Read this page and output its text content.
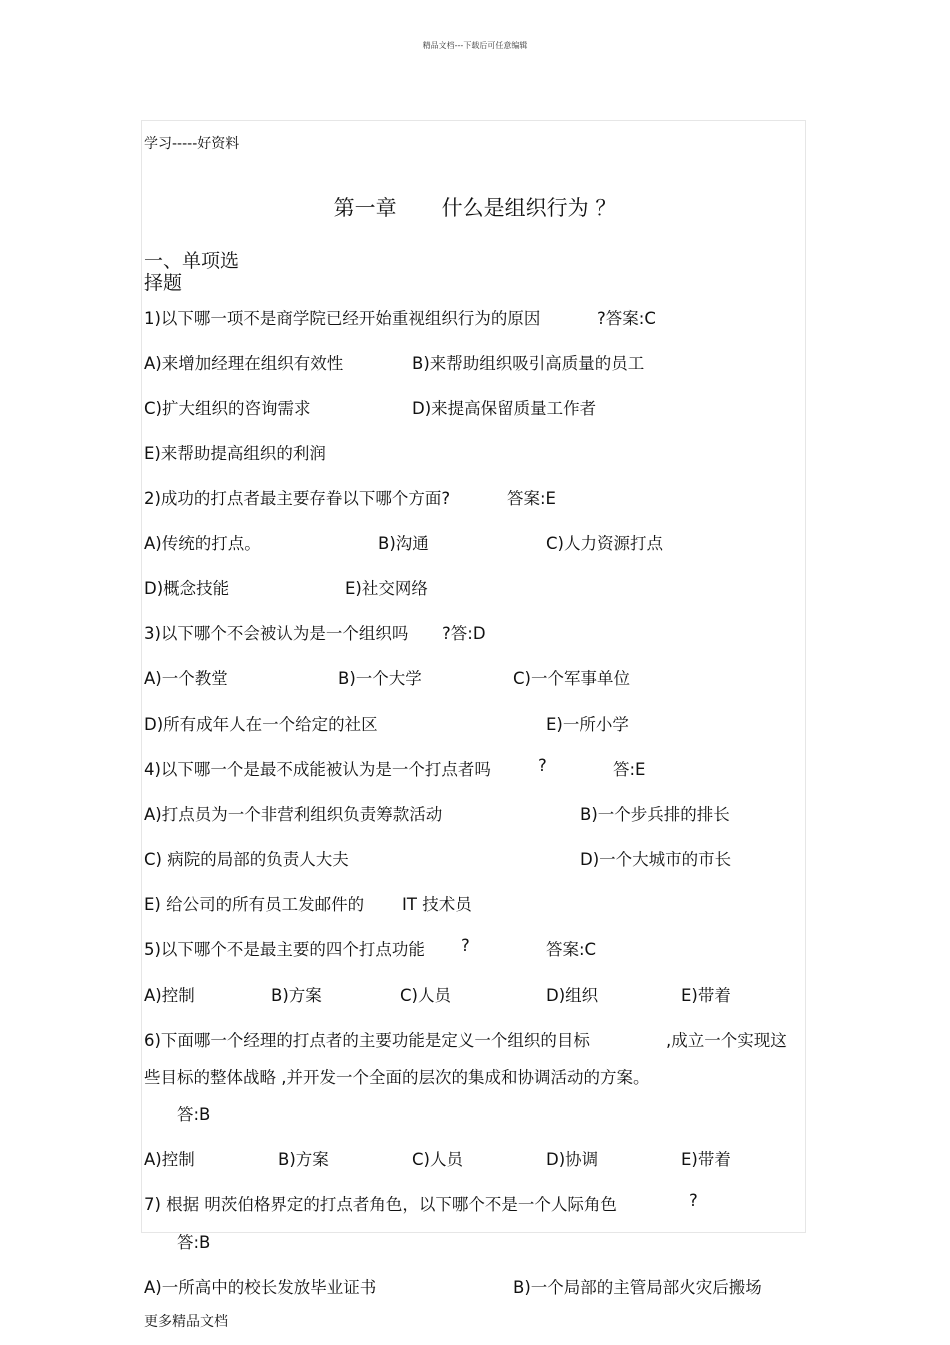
精品文档---下载后可任意编辑
学习-----好资料
第一章 什么是组织行为 ？
一、单项选
择题
1)以下哪一项不是商学院已经开始重视组织行为的原因	?答案:C
A)来增加经理在组织有效性	B)来帮助组织吸引高质量的员工
C)扩大组织的咨询需求	D)来提高保留质量工作者
E)来帮助提高组织的利润
2)成功的打点者最主要存眷以下哪个方面?	答案:E
A)传统的打点。	B)沟通	C)人力资源打点
D)概念技能	E)社交网络
3)以下哪个不会被认为是一个组织吗 ?答:D
A)一个教堂	B)一个大学	C)一个军事单位
D)所有成年人在一个给定的社区	E)一所小学
4)以下哪一个是最不成能被认为是一个打点者吗	?	答:E
A)打点员为一个非营利组织负责筹款活动	B)一个步兵排的排长
C) 病院的局部的负责人大夫	D)一个大城市的市长
E) 给公司的所有员工发邮件的 IT 技术员
5)以下哪个不是最主要的四个打点功能 ?	答案:C
A)控制	B)方案	C)人员	D)组织	E)带着
6)下面哪一个经理的打点者的主要功能是定义一个组织的目标	,成立一个实现这
些目标的整体战略 ,并开发一个全面的层次的集成和协调活动的方案。
答:B
A)控制	B)方案	C)人员	D)协调	E)带着
7) 根据 明茨伯格界定的打点者角色，以下哪个不是一个人际角色	?
答:B
A)一所高中的校长发放毕业证书	B)一个局部的主管局部火灾后搬场
更多精品文档
